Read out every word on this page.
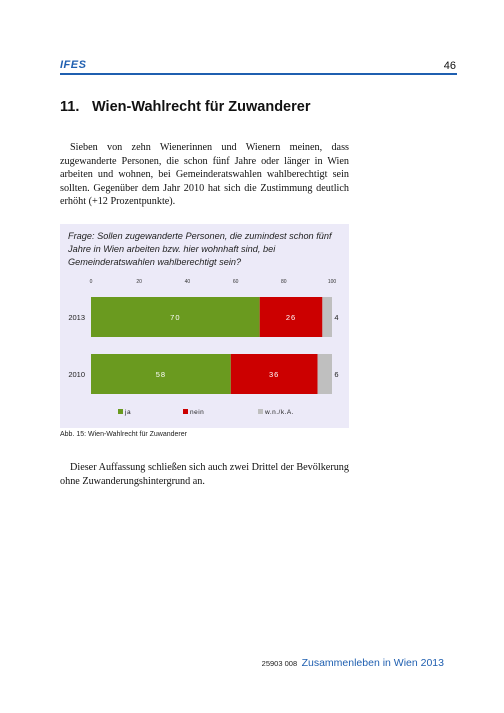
IFES	46
11. Wien-Wahlrecht für Zuwanderer

Sieben von zehn Wienerinnen und Wienern meinen, dass zugewanderte Personen, die schon fünf Jahre oder länger in Wien arbeiten und wohnen, bei Gemeinderatswahlen wahlberechtigt sein sollten. Gegenüber dem Jahr 2010 hat sich die Zustimmung deutlich erhöht (+12 Prozentpunkte).

Frage: Sollen zugewanderte Personen, die zumindest schon fünf Jahre in Wien arbeiten bzw. hier wohnhaft sind, bei Gemeinderatswahlen wahlberechtigt sein?

0	20	40	60	80	100
2013	70	26	4
2010	58	36	6
ja	nein	w.n./k.A.

Abb. 15: Wien-Wahlrecht für Zuwanderer

Dieser Auffassung schließen sich auch zwei Drittel der Bevölkerung ohne Zuwanderungshintergrund an.

25903 008 Zusammenleben in Wien 2013
